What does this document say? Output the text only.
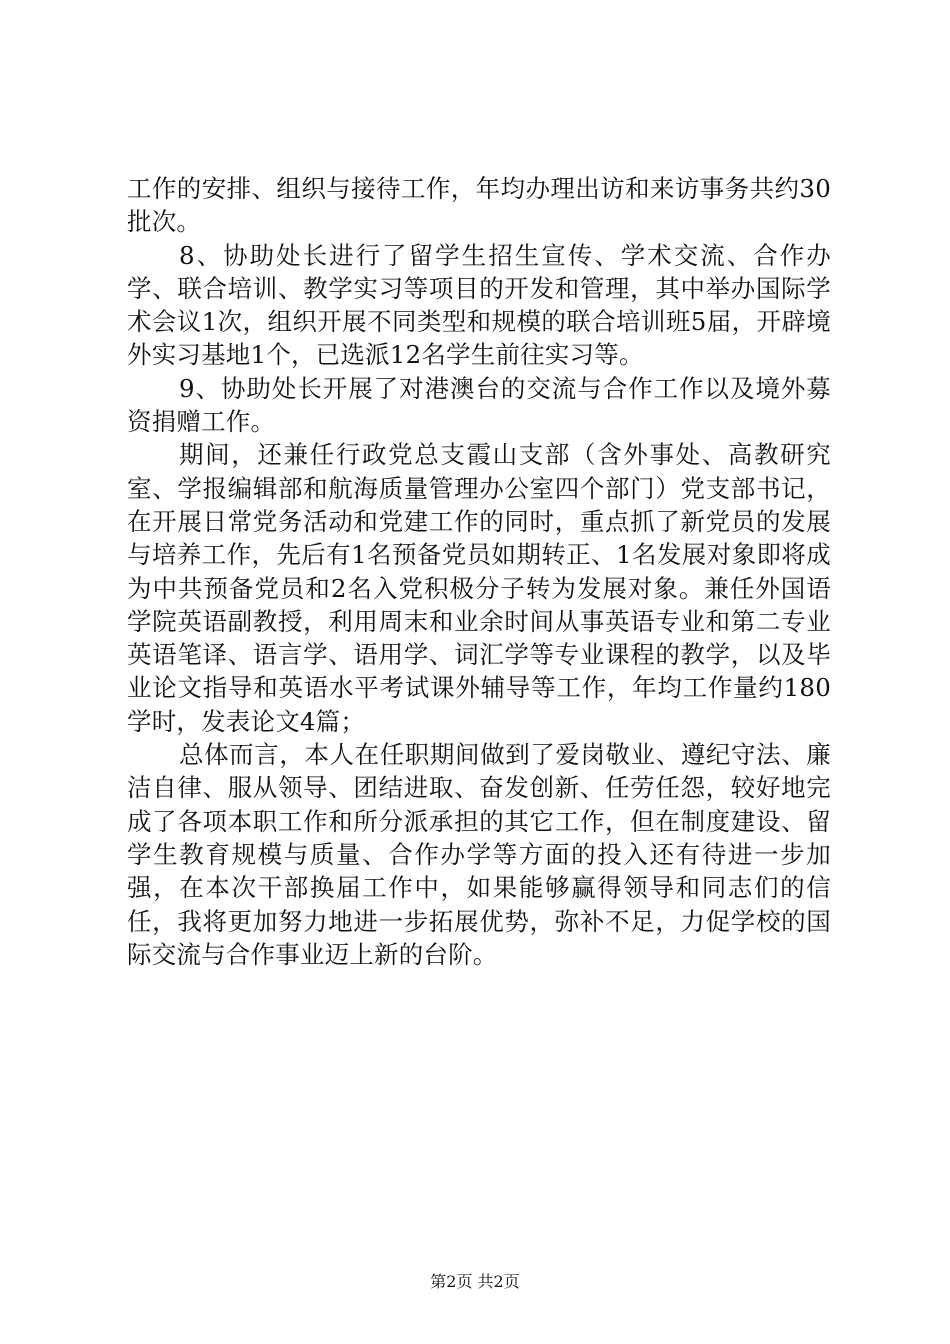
工作的安排、组织与接待工作，年均办理出访和来访事务共约30批次。

8、协助处长进行了留学生招生宣传、学术交流、合作办学、联合培训、教学实习等项目的开发和管理，其中举办国际学术会议1次，组织开展不同类型和规模的联合培训班5届，开辟境外实习基地1个，已选派12名学生前往实习等。

9、协助处长开展了对港澳台的交流与合作工作以及境外募资捐赠工作。

期间，还兼任行政党总支霞山支部（含外事处、高教研究室、学报编辑部和航海质量管理办公室四个部门）党支部书记，在开展日常党务活动和党建工作的同时，重点抓了新党员的发展与培养工作，先后有1名预备党员如期转正、1名发展对象即将成为中共预备党员和2名入党积极分子转为发展对象。兼任外国语学院英语副教授，利用周末和业余时间从事英语专业和第二专业英语笔译、语言学、语用学、词汇学等专业课程的教学，以及毕业论文指导和英语水平考试课外辅导等工作，年均工作量约180学时，发表论文4篇；

总体而言，本人在任职期间做到了爱岗敬业、遵纪守法、廉洁自律、服从领导、团结进取、奋发创新、任劳任怨，较好地完成了各项本职工作和所分派承担的其它工作，但在制度建设、留学生教育规模与质量、合作办学等方面的投入还有待进一步加强，在本次干部换届工作中，如果能够赢得领导和同志们的信任，我将更加努力地进一步拓展优势，弥补不足，力促学校的国际交流与合作事业迈上新的台阶。

第2页 共2页
